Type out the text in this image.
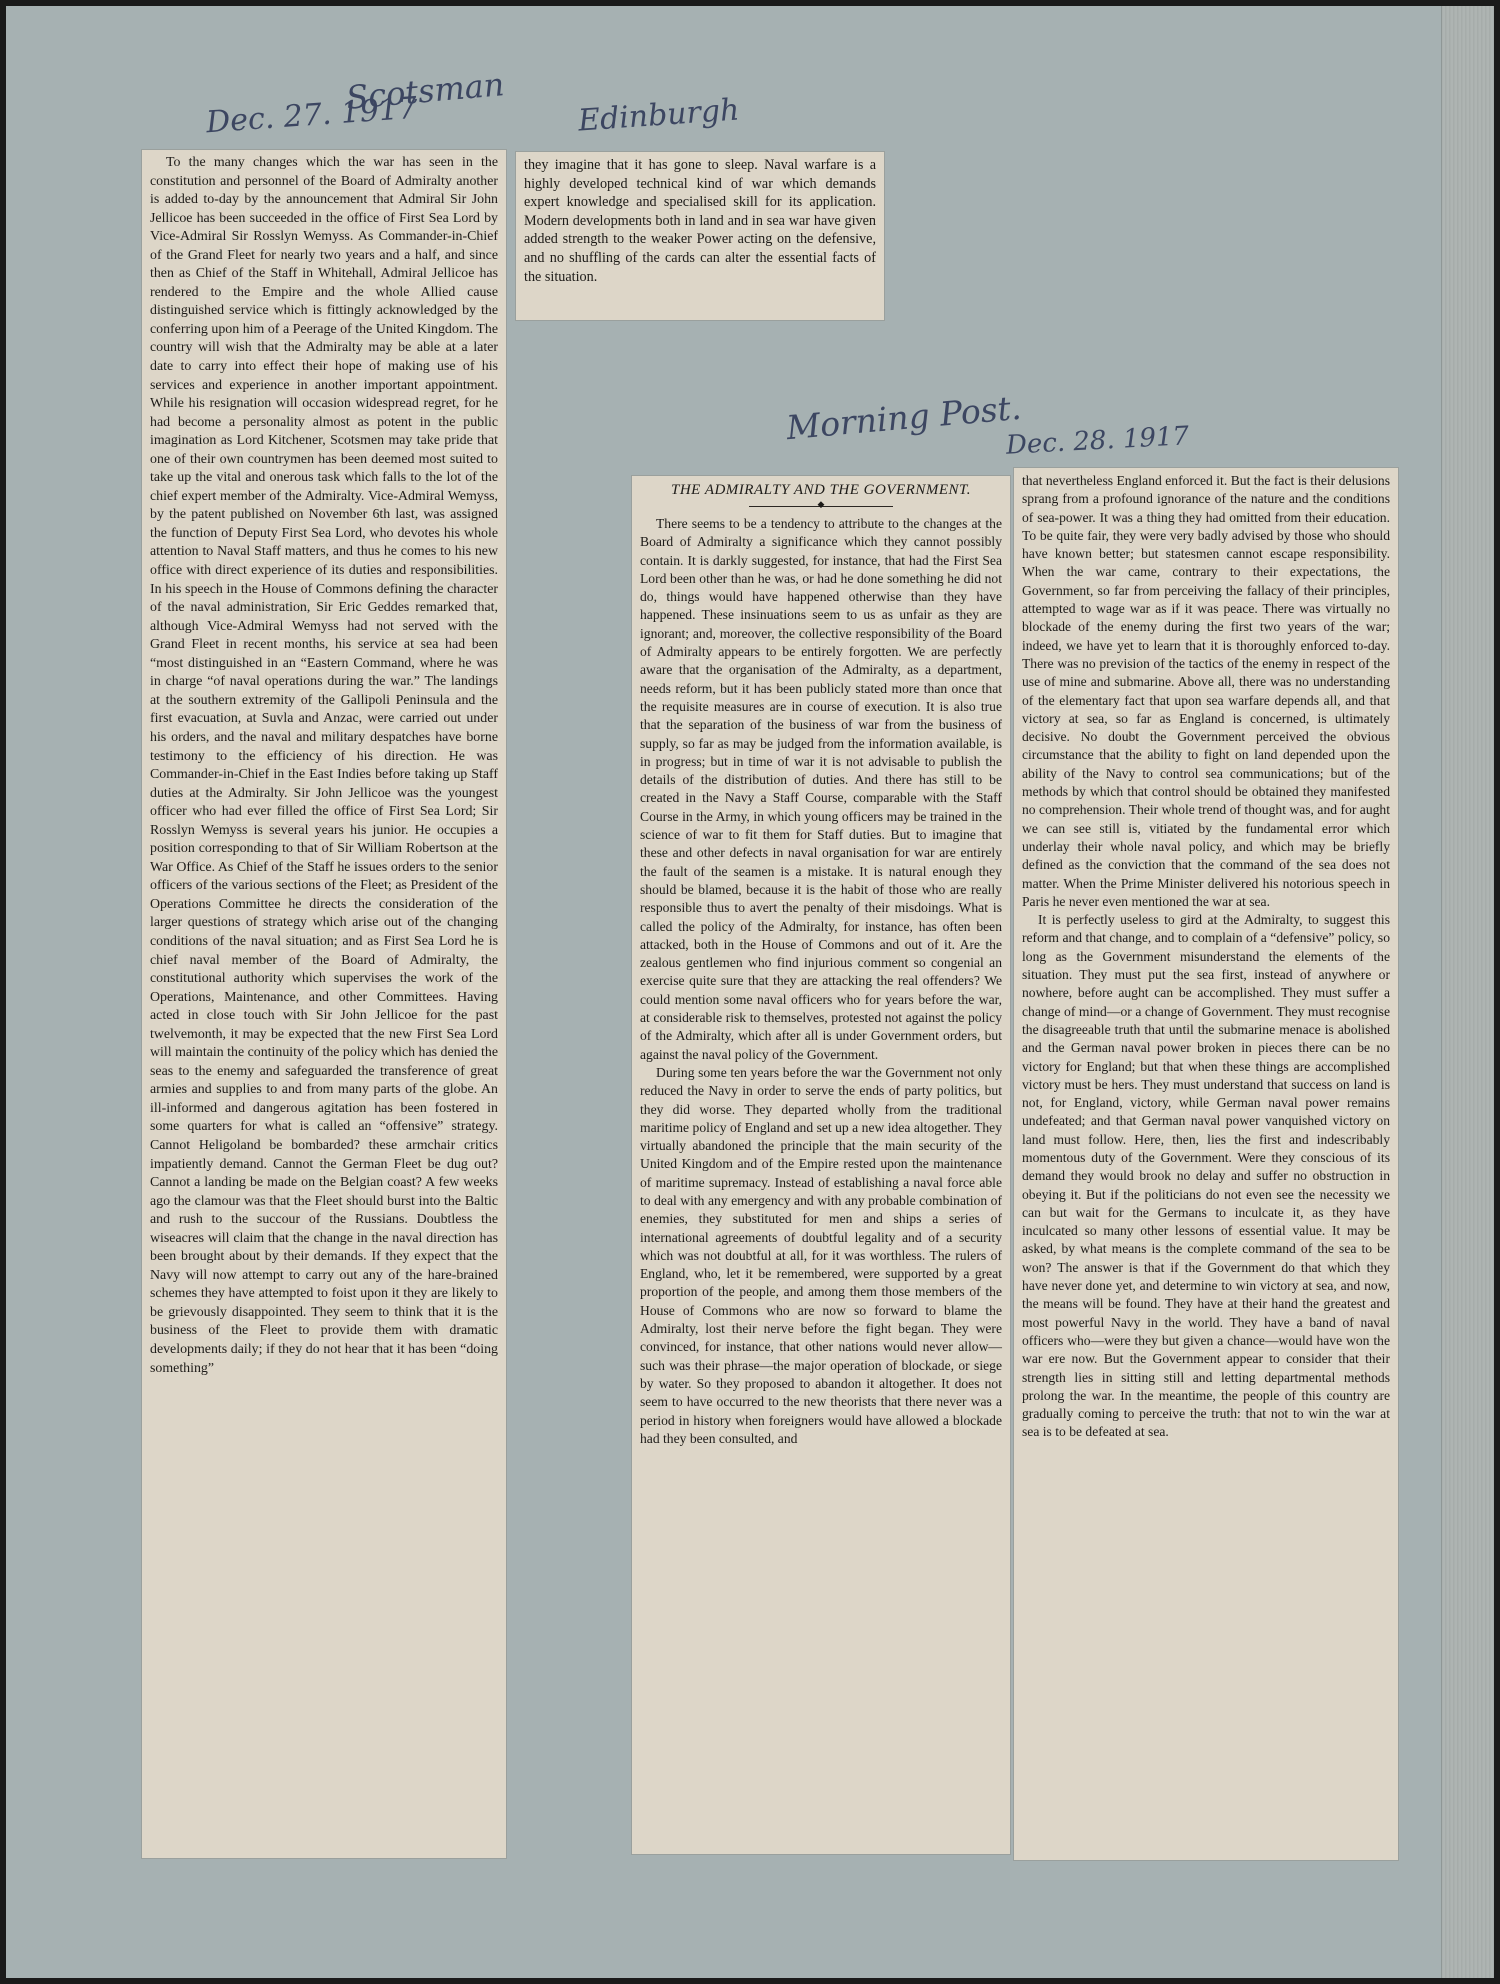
Dec. 27. 1917
Scotsman Edinburgh
Morning Post.
Dec. 28. 1917

To the many changes which the war has seen in the constitution and personnel of the Board of Admiralty another is added to-day by the announcement that Admiral Sir John Jellicoe has been succeeded in the office of First Sea Lord by Vice-Admiral Sir Rosslyn Wemyss. As Commander-in-Chief of the Grand Fleet for nearly two years and a half, and since then as Chief of the Staff in Whitehall, Admiral Jellicoe has rendered to the Empire and the whole Allied cause distinguished service which is fittingly acknowledged by the conferring upon him of a Peerage of the United Kingdom. The country will wish that the Admiralty may be able at a later date to carry into effect their hope of making use of his services and experience in another important appointment. While his resignation will occasion widespread regret, for he had become a personality almost as potent in the public imagination as Lord Kitchener, Scotsmen may take pride that one of their own countrymen has been deemed most suited to take up the vital and onerous task which falls to the lot of the chief expert member of the Admiralty. Vice-Admiral Wemyss, by the patent published on November 6th last, was assigned the function of Deputy First Sea Lord, who devotes his whole attention to Naval Staff matters, and thus he comes to his new office with direct experience of its duties and responsibilities. In his speech in the House of Commons defining the character of the naval administration, Sir Eric Geddes remarked that, although Vice-Admiral Wemyss had not served with the Grand Fleet in recent months, his service at sea had been “most distinguished in an “Eastern Command, where he was in charge “of naval operations during the war.” The landings at the southern extremity of the Gallipoli Peninsula and the first evacuation, at Suvla and Anzac, were carried out under his orders, and the naval and military despatches have borne testimony to the efficiency of his direction. He was Commander-in-Chief in the East Indies before taking up Staff duties at the Admiralty. Sir John Jellicoe was the youngest officer who had ever filled the office of First Sea Lord; Sir Rosslyn Wemyss is several years his junior. He occupies a position corresponding to that of Sir William Robertson at the War Office. As Chief of the Staff he issues orders to the senior officers of the various sections of the Fleet; as President of the Operations Committee he directs the consideration of the larger questions of strategy which arise out of the changing conditions of the naval situation; and as First Sea Lord he is chief naval member of the Board of Admiralty, the constitutional authority which supervises the work of the Operations, Maintenance, and other Committees. Having acted in close touch with Sir John Jellicoe for the past twelvemonth, it may be expected that the new First Sea Lord will maintain the continuity of the policy which has denied the seas to the enemy and safeguarded the transference of great armies and supplies to and from many parts of the globe. An ill-informed and dangerous agitation has been fostered in some quarters for what is called an “offensive” strategy. Cannot Heligoland be bombarded? these armchair critics impatiently demand. Cannot the German Fleet be dug out? Cannot a landing be made on the Belgian coast? A few weeks ago the clamour was that the Fleet should burst into the Baltic and rush to the succour of the Russians. Doubtless the wiseacres will claim that the change in the naval direction has been brought about by their demands. If they expect that the Navy will now attempt to carry out any of the hare-brained schemes they have attempted to foist upon it they are likely to be grievously disappointed. They seem to think that it is the business of the Fleet to provide them with dramatic developments daily; if they do not hear that it has been “doing something”

they imagine that it has gone to sleep. Naval warfare is a highly developed technical kind of war which demands expert knowledge and specialised skill for its application. Modern developments both in land and in sea war have given added strength to the weaker Power acting on the defensive, and no shuffling of the cards can alter the essential facts of the situation.

THE ADMIRALTY AND THE GOVERNMENT.
◆

There seems to be a tendency to attribute to the changes at the Board of Admiralty a significance which they cannot possibly contain. It is darkly suggested, for instance, that had the First Sea Lord been other than he was, or had he done something he did not do, things would have happened otherwise than they have happened. These insinuations seem to us as unfair as they are ignorant; and, moreover, the collective responsibility of the Board of Admiralty appears to be entirely forgotten. We are perfectly aware that the organisation of the Admiralty, as a department, needs reform, but it has been publicly stated more than once that the requisite measures are in course of execution. It is also true that the separation of the business of war from the business of supply, so far as may be judged from the information available, is in progress; but in time of war it is not advisable to publish the details of the distribution of duties. And there has still to be created in the Navy a Staff Course, comparable with the Staff Course in the Army, in which young officers may be trained in the science of war to fit them for Staff duties. But to imagine that these and other defects in naval organisation for war are entirely the fault of the seamen is a mistake. It is natural enough they should be blamed, because it is the habit of those who are really responsible thus to avert the penalty of their misdoings. What is called the policy of the Admiralty, for instance, has often been attacked, both in the House of Commons and out of it. Are the zealous gentlemen who find injurious comment so congenial an exercise quite sure that they are attacking the real offenders? We could mention some naval officers who for years before the war, at considerable risk to themselves, protested not against the policy of the Admiralty, which after all is under Government orders, but against the naval policy of the Government.

During some ten years before the war the Government not only reduced the Navy in order to serve the ends of party politics, but they did worse. They departed wholly from the traditional maritime policy of England and set up a new idea altogether. They virtually abandoned the principle that the main security of the United Kingdom and of the Empire rested upon the maintenance of maritime supremacy. Instead of establishing a naval force able to deal with any emergency and with any probable combination of enemies, they substituted for men and ships a series of international agreements of doubtful legality and of a security which was not doubtful at all, for it was worthless. The rulers of England, who, let it be remembered, were supported by a great proportion of the people, and among them those members of the House of Commons who are now so forward to blame the Admiralty, lost their nerve before the fight began. They were convinced, for instance, that other nations would never allow—such was their phrase—the major operation of blockade, or siege by water. So they proposed to abandon it altogether. It does not seem to have occurred to the new theorists that there never was a period in history when foreigners would have allowed a blockade had they been consulted, and

that nevertheless England enforced it. But the fact is their delusions sprang from a profound ignorance of the nature and the conditions of sea-power. It was a thing they had omitted from their education. To be quite fair, they were very badly advised by those who should have known better; but statesmen cannot escape responsibility. When the war came, contrary to their expectations, the Government, so far from perceiving the fallacy of their principles, attempted to wage war as if it was peace. There was virtually no blockade of the enemy during the first two years of the war; indeed, we have yet to learn that it is thoroughly enforced to-day. There was no prevision of the tactics of the enemy in respect of the use of mine and submarine. Above all, there was no understanding of the elementary fact that upon sea warfare depends all, and that victory at sea, so far as England is concerned, is ultimately decisive. No doubt the Government perceived the obvious circumstance that the ability to fight on land depended upon the ability of the Navy to control sea communications; but of the methods by which that control should be obtained they manifested no comprehension. Their whole trend of thought was, and for aught we can see still is, vitiated by the fundamental error which underlay their whole naval policy, and which may be briefly defined as the conviction that the command of the sea does not matter. When the Prime Minister delivered his notorious speech in Paris he never even mentioned the war at sea.

It is perfectly useless to gird at the Admiralty, to suggest this reform and that change, and to complain of a “defensive” policy, so long as the Government misunderstand the elements of the situation. They must put the sea first, instead of anywhere or nowhere, before aught can be accomplished. They must suffer a change of mind—or a change of Government. They must recognise the disagreeable truth that until the submarine menace is abolished and the German naval power broken in pieces there can be no victory for England; but that when these things are accomplished victory must be hers. They must understand that success on land is not, for England, victory, while German naval power remains undefeated; and that German naval power vanquished victory on land must follow. Here, then, lies the first and indescribably momentous duty of the Government. Were they conscious of its demand they would brook no delay and suffer no obstruction in obeying it. But if the politicians do not even see the necessity we can but wait for the Germans to inculcate it, as they have inculcated so many other lessons of essential value. It may be asked, by what means is the complete command of the sea to be won? The answer is that if the Government do that which they have never done yet, and determine to win victory at sea, and now, the means will be found. They have at their hand the greatest and most powerful Navy in the world. They have a band of naval officers who—were they but given a chance—would have won the war ere now. But the Government appear to consider that their strength lies in sitting still and letting departmental methods prolong the war. In the meantime, the people of this country are gradually coming to perceive the truth: that not to win the war at sea is to be defeated at sea.
